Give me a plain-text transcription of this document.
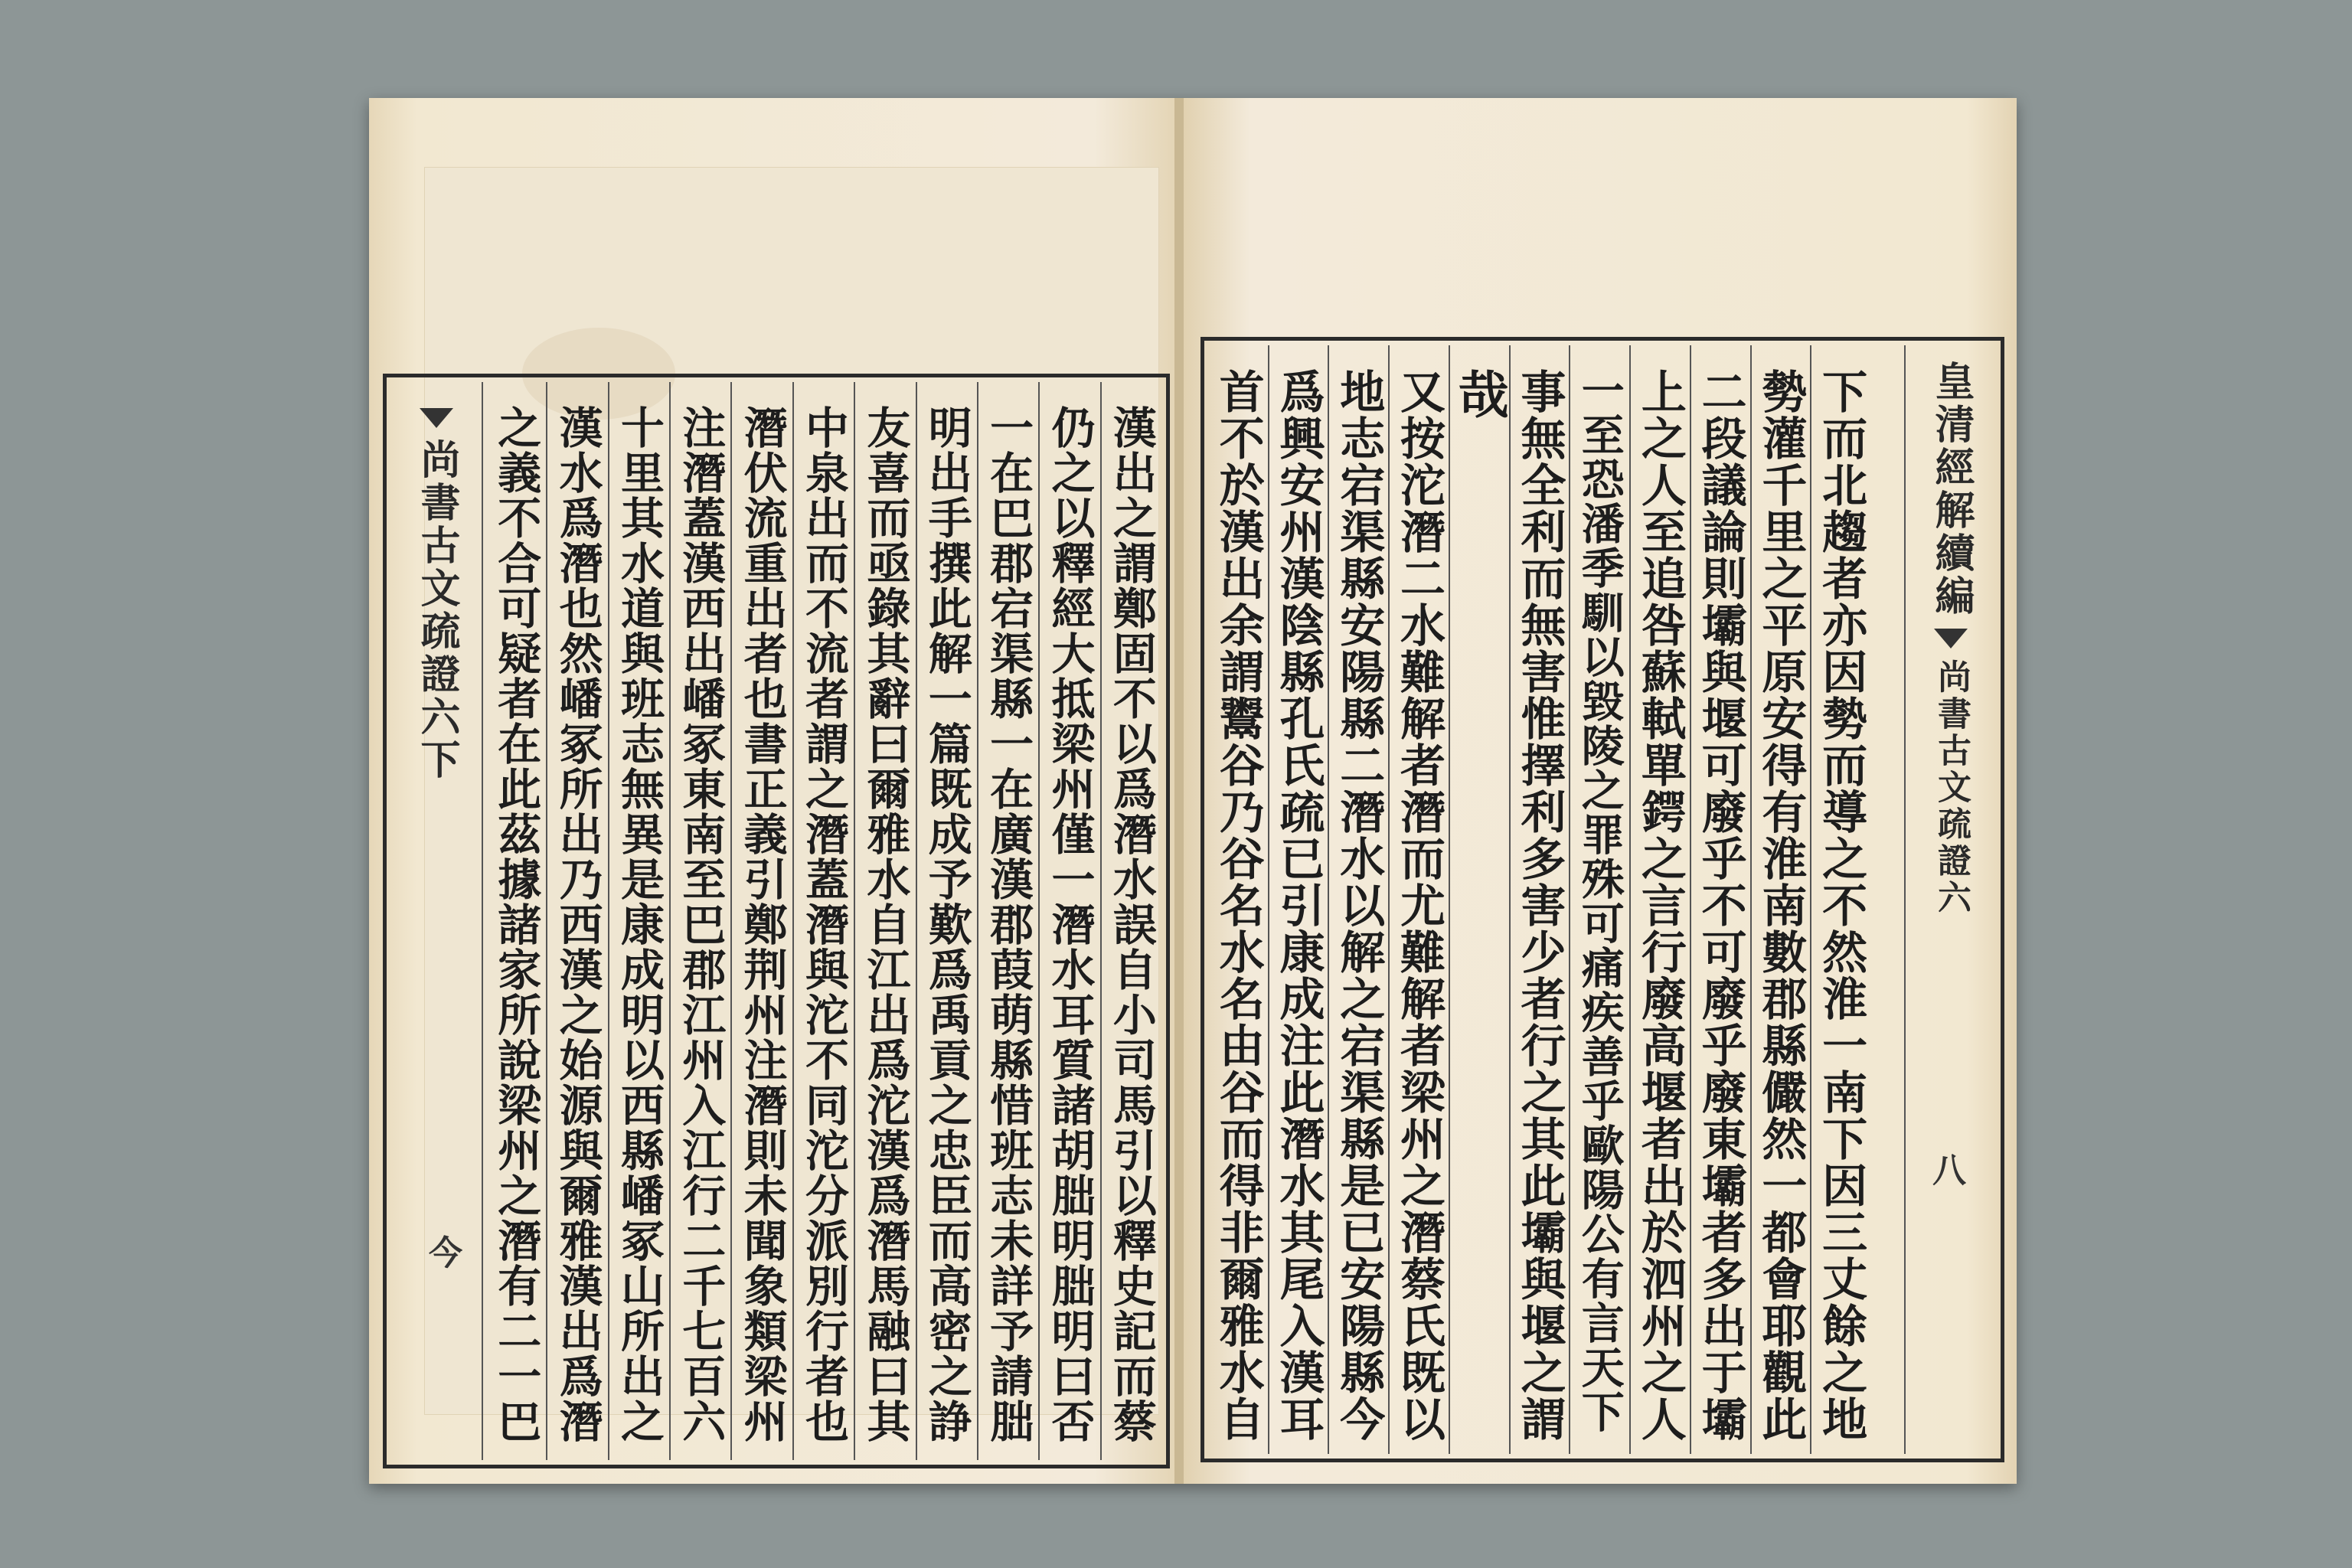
尚書古文疏證六下
今	漢出之謂鄭固不以爲潛水誤自小司馬引以釋史記而蔡
仍之以釋經大抵梁州僅一潛水耳質諸胡朏明朏明曰否
一在巴郡宕渠縣一在廣漢郡葭萌縣惜班志未詳予請朏
明出手撰此解一篇既成予歎爲禹貢之忠臣而高密之諍
友喜而亟錄其辭曰爾雅水自江出爲沱漢爲潛馬融曰其
中泉出而不流者謂之潛蓋潛與沱不同沱分派別行者也
潛伏流重出者也書正義引鄭荆州注潛則未聞象類梁州
注潛蓋漢西出嶓冢東南至巴郡江州入江行二千七百六
十里其水道與班志無異是康成明以西縣嶓冢山所出之
漢水爲潛也然嶓冢所出乃西漢之始源與爾雅漢出爲潛
之義不合可疑者在此茲據諸家所說梁州之潛有二一巴	皇清經解續編
尚書古文疏證六
八
下而北趨者亦因勢而導之不然淮一南下因三丈餘之地
勢灌千里之平原安得有淮南數郡縣儼然一都會耶觀此
二段議論則壩與堰可廢乎不可廢乎廢東壩者多出于壩
上之人至追咎蘇軾單鍔之言行廢高堰者出於泗州之人
一至恐潘季馴以毀陵之罪殊可痛疾善乎歐陽公有言天下
事無全利而無害惟擇利多害少者行之其此壩與堰之謂
哉
又按沱潛二水難解者潛而尤難解者梁州之潛蔡氏既以
地志宕渠縣安陽縣二潛水以解之宕渠縣是已安陽縣今
爲興安州漢陰縣孔氏疏已引康成注此潛水其尾入漢耳
首不於漢出余謂鬻谷乃谷名水名由谷而得非爾雅水自
